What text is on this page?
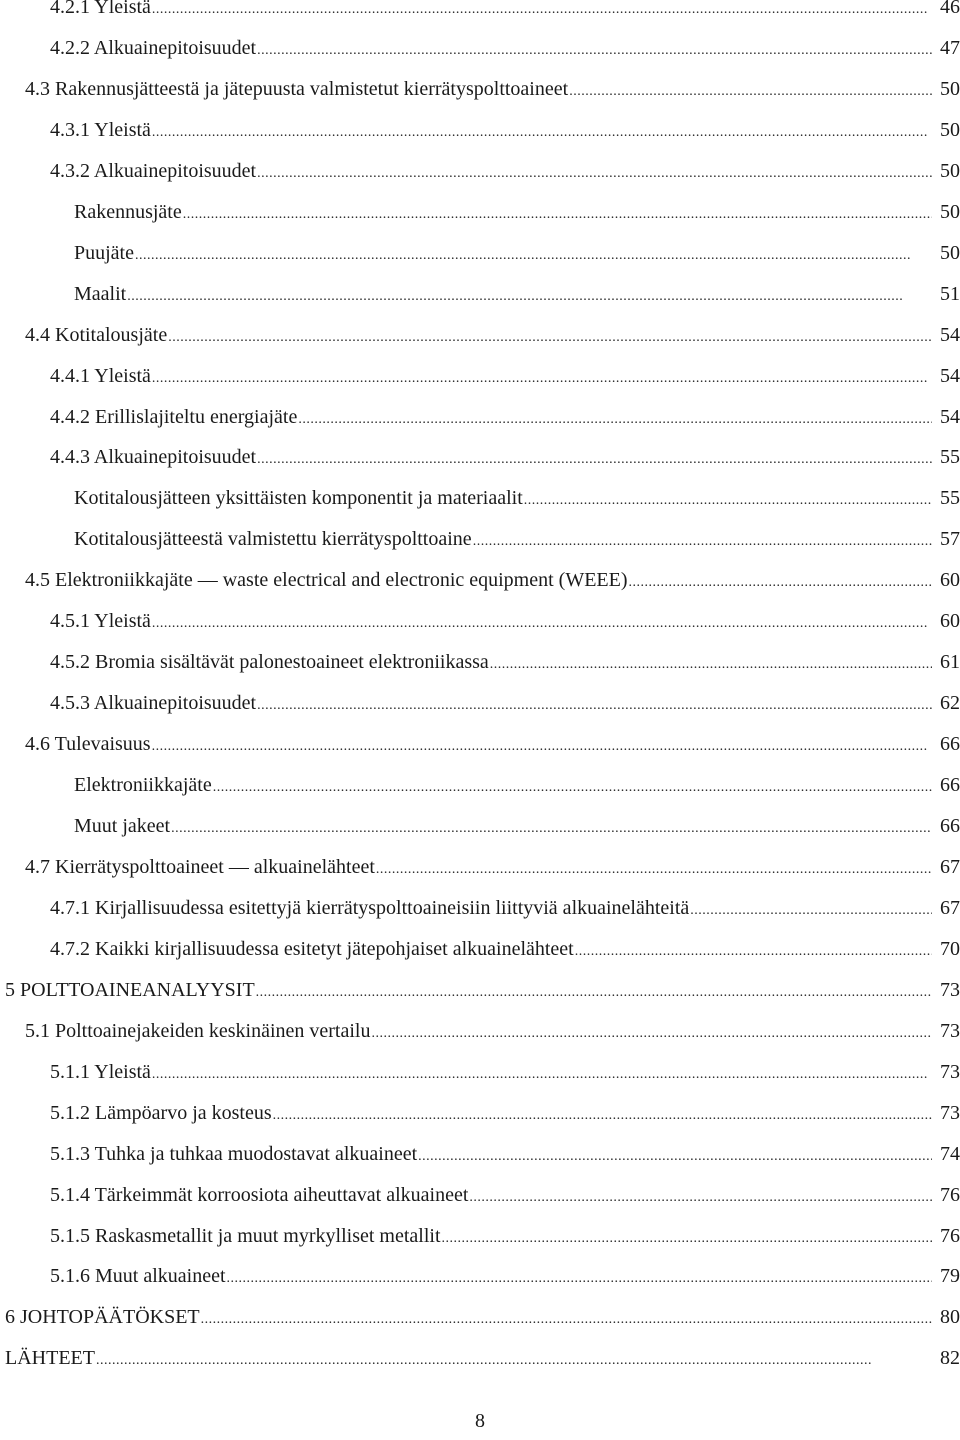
4.2.1 Yleistä . . .	46
4.2.2 Alkuainepitoisuudet . . .	47
4.3 Rakennusjätteestä ja jätepuusta valmistetut kierrätyspolttoaineet . . .	50
4.3.1 Yleistä . . .	50
4.3.2 Alkuainepitoisuudet . . .	50
Rakennusjäte . . .	50
Puujäte . . .	50
Maalit . . .	51
4.4 Kotitalousjäte . . .	54
4.4.1 Yleistä . . .	54
4.4.2 Erillislajiteltu energiajäte . . .	54
4.4.3 Alkuainepitoisuudet . . .	55
Kotitalousjätteen yksittäisten komponentit ja materiaalit . . .	55
Kotitalousjätteestä valmistettu kierrätyspolttoaine . . .	57
4.5 Elektroniikkajäte — waste electrical and electronic equipment (WEEE) . . .	60
4.5.1 Yleistä . . .	60
4.5.2 Bromia sisältävät palonestoaineet elektroniikassa . . .	61
4.5.3 Alkuainepitoisuudet . . .	62
4.6 Tulevaisuus . . .	66
Elektroniikkajäte . . .	66
Muut jakeet . . .	66
4.7 Kierrätyspolttoaineet — alkuainelähteet . . .	67
4.7.1 Kirjallisuudessa esitettyjä kierrätyspolttoaineisiin liittyviä alkuainelähteitä . . .	67
4.7.2 Kaikki kirjallisuudessa esitetyt jätepohjaiset alkuainelähteet . . .	70
5 POLTTOAINEANALYYSIT . . .	73
5.1 Polttoainejakeiden keskinäinen vertailu . . .	73
5.1.1 Yleistä . . .	73
5.1.2 Lämpöarvo ja kosteus . . .	73
5.1.3 Tuhka ja tuhkaa muodostavat alkuaineet . . .	74
5.1.4 Tärkeimmät korroosiota aiheuttavat alkuaineet . . .	76
5.1.5 Raskasmetallit ja muut myrkylliset metallit . . .	76
5.1.6 Muut alkuaineet . . .	79
6 JOHTOPÄÄTÖKSET . . .	80
LÄHTEET . . .	82
8
